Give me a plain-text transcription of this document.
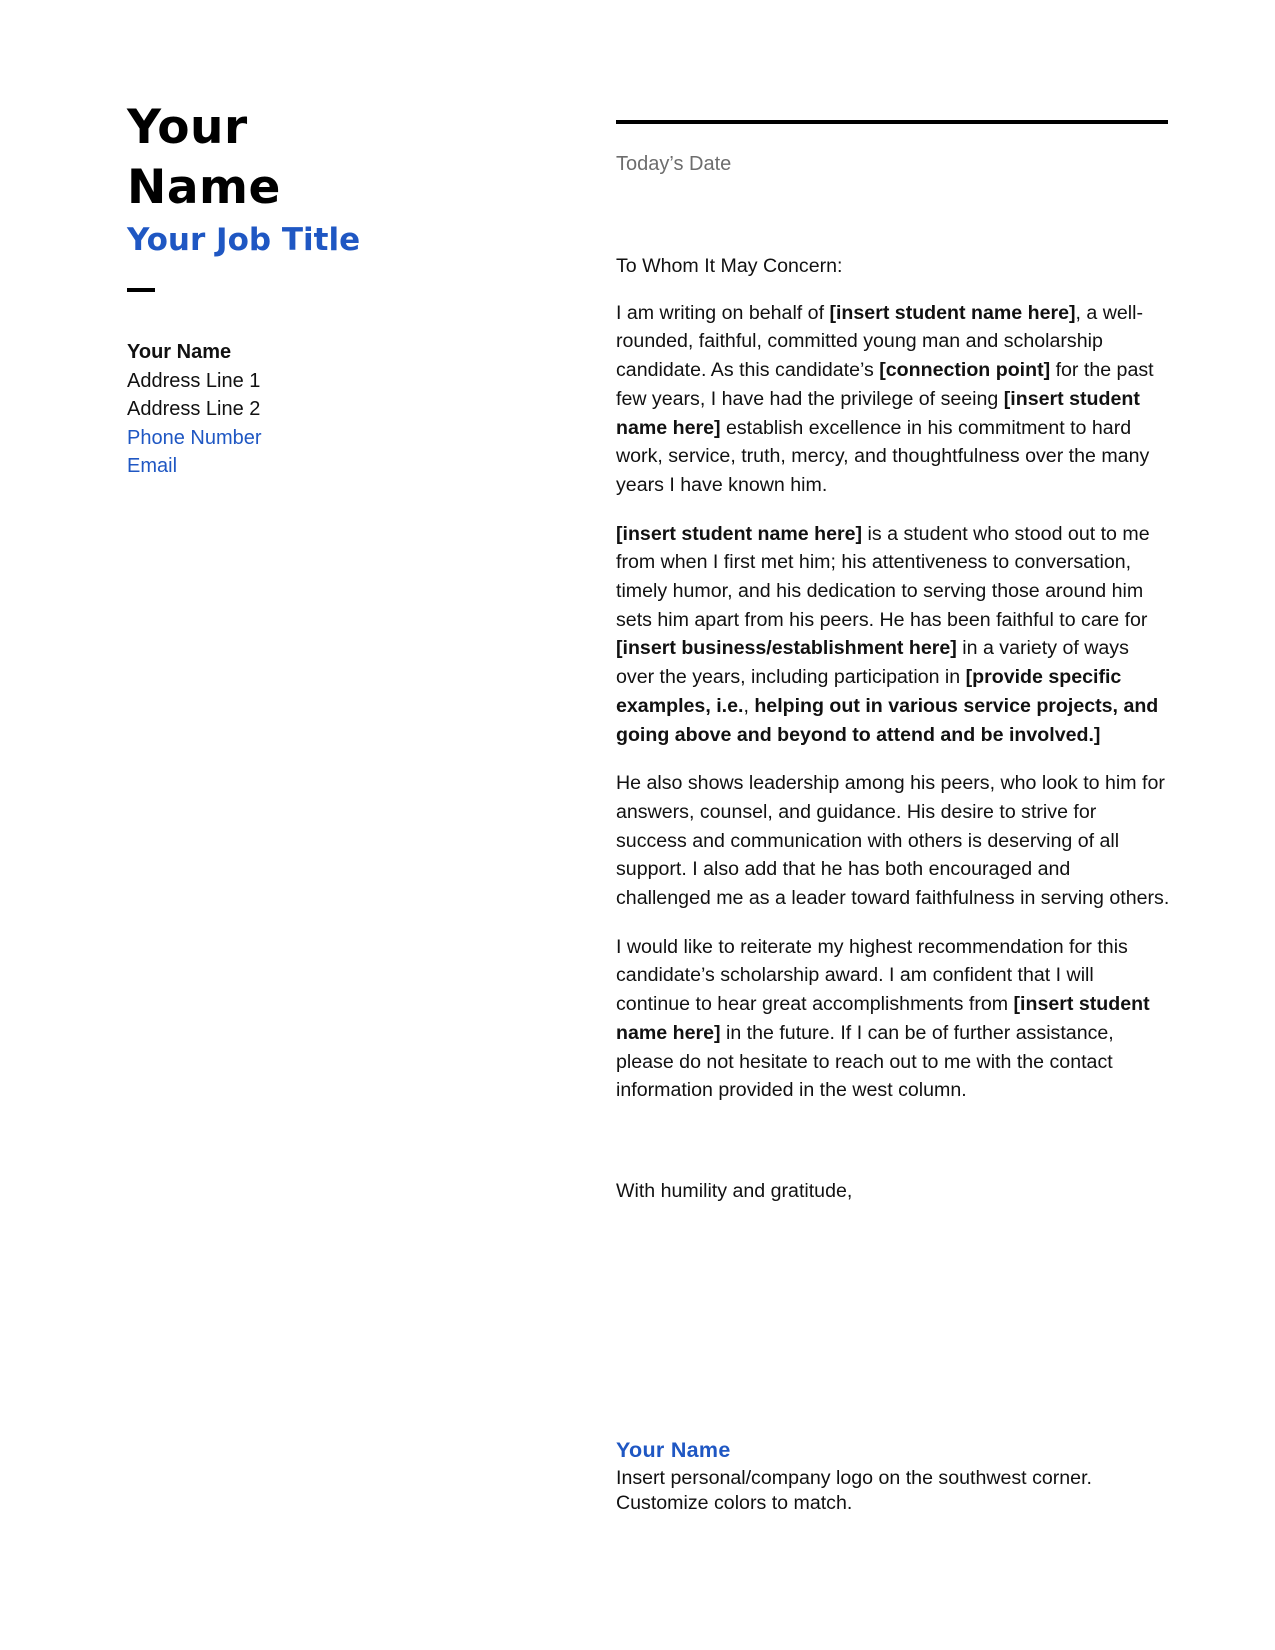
Your
Name
Your Job Title
Your Name
Address Line 1
Address Line 2
Phone Number
Email
Today’s Date

To Whom It May Concern:

I am writing on behalf of [insert student name here], a well-rounded, faithful, committed young man and scholarship candidate. As this candidate’s [connection point] for the past few years, I have had the privilege of seeing [insert student name here] establish excellence in his commitment to hard work, service, truth, mercy, and thoughtfulness over the many years I have known him.

[insert student name here] is a student who stood out to me from when I first met him; his attentiveness to conversation, timely humor, and his dedication to serving those around him sets him apart from his peers. He has been faithful to care for [insert business/establishment here] in a variety of ways over the years, including participation in [provide specific examples, i.e., helping out in various service projects, and going above and beyond to attend and be involved.]

He also shows leadership among his peers, who look to him for answers, counsel, and guidance. His desire to strive for success and communication with others is deserving of all support. I also add that he has both encouraged and challenged me as a leader toward faithfulness in serving others.

I would like to reiterate my highest recommendation for this candidate’s scholarship award. I am confident that I will continue to hear great accomplishments from [insert student name here] in the future. If I can be of further assistance, please do not hesitate to reach out to me with the contact information provided in the west column.

With humility and gratitude,

Your Name
Insert personal/company logo on the southwest corner.
Customize colors to match.
